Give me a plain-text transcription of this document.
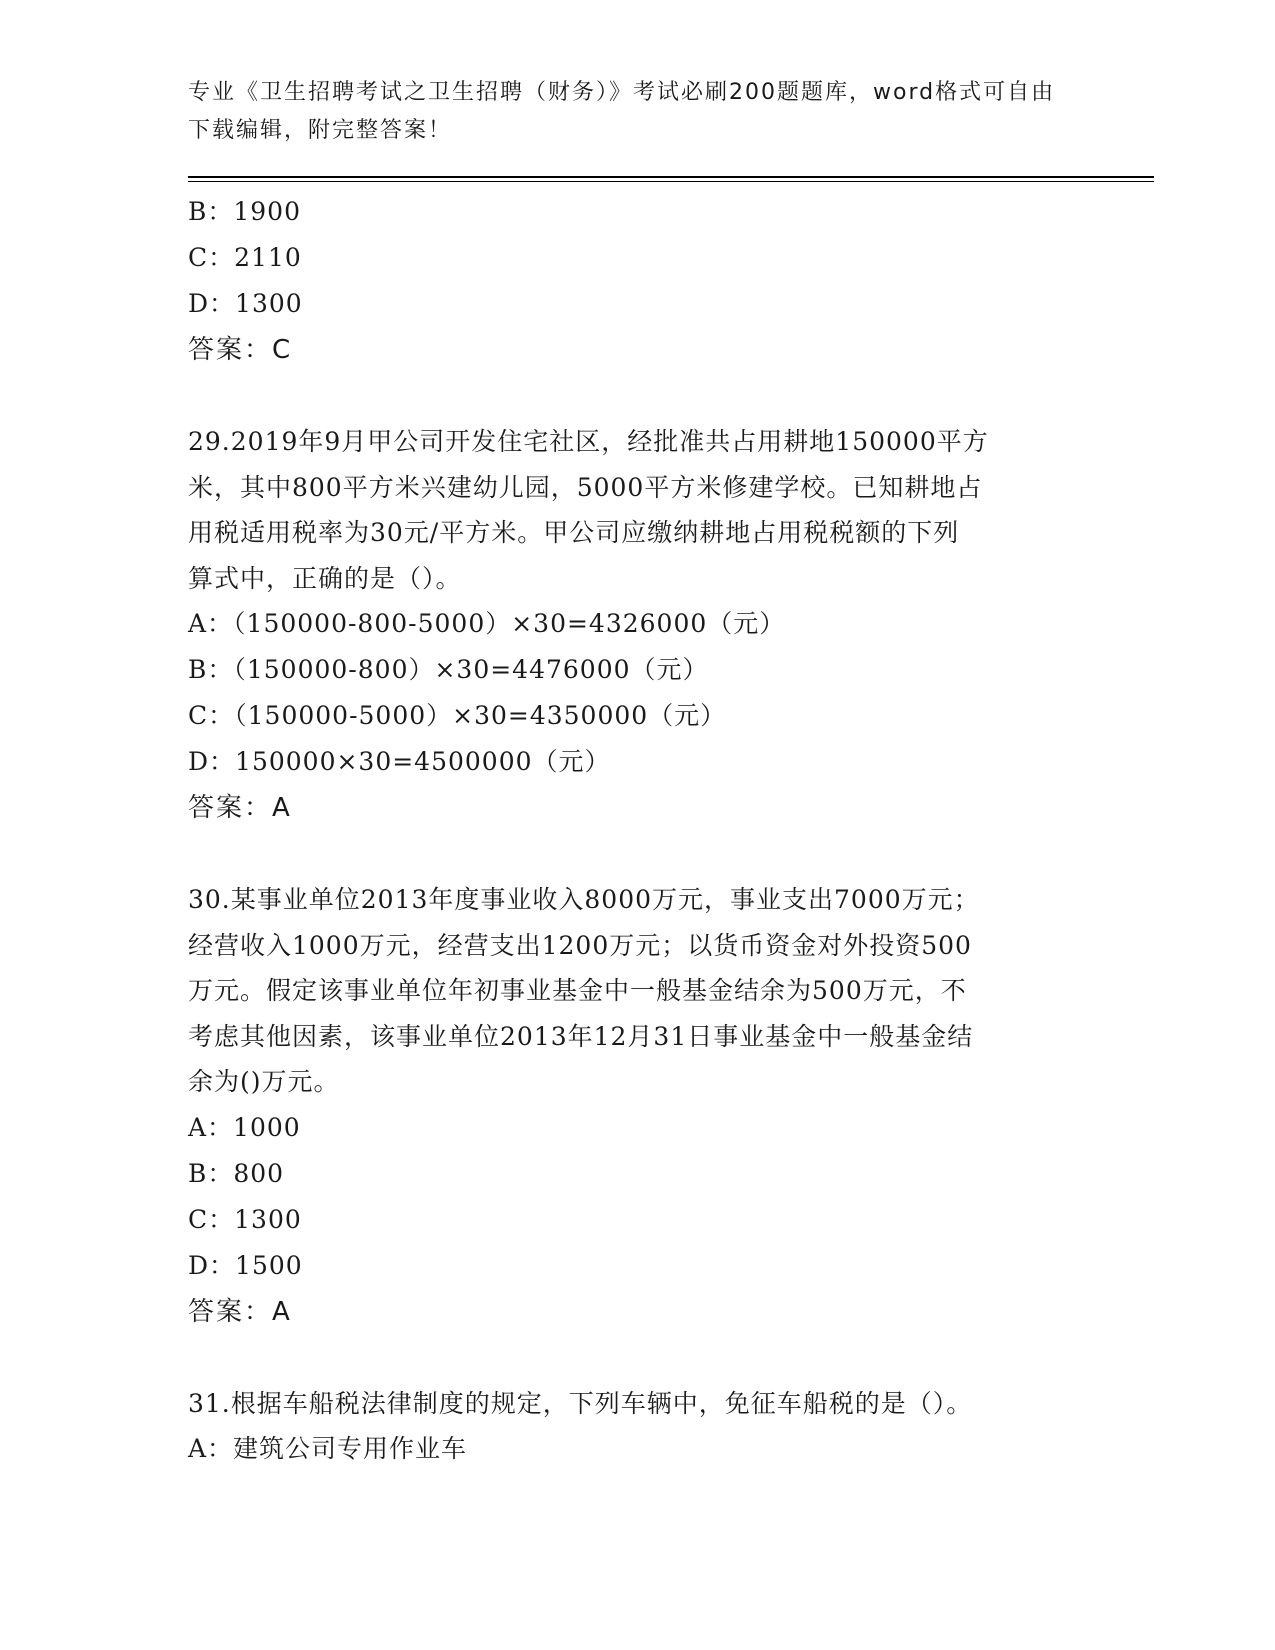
专业《卫生招聘考试之卫生招聘（财务）》考试必刷200题题库，word格式可自由下载编辑，附完整答案！
B：1900
C：2110
D：1300
答案：C
29.2019年9月甲公司开发住宅社区，经批准共占用耕地150000平方
米，其中800平方米兴建幼儿园，5000平方米修建学校。已知耕地占
用税适用税率为30元/平方米。甲公司应缴纳耕地占用税税额的下列
算式中，正确的是（）。
A：（150000-800-5000）×30=4326000（元）
B：（150000-800）×30=4476000（元）
C：（150000-5000）×30=4350000（元）
D：150000×30=4500000（元）
答案：A
30.某事业单位2013年度事业收入8000万元，事业支出7000万元；
经营收入1000万元，经营支出1200万元；以货币资金对外投资500
万元。假定该事业单位年初事业基金中一般基金结余为500万元，不
考虑其他因素，该事业单位2013年12月31日事业基金中一般基金结
余为()万元。
A：1000
B：800
C：1300
D：1500
答案：A
31.根据车船税法律制度的规定，下列车辆中，免征车船税的是（）。
A：建筑公司专用作业车
